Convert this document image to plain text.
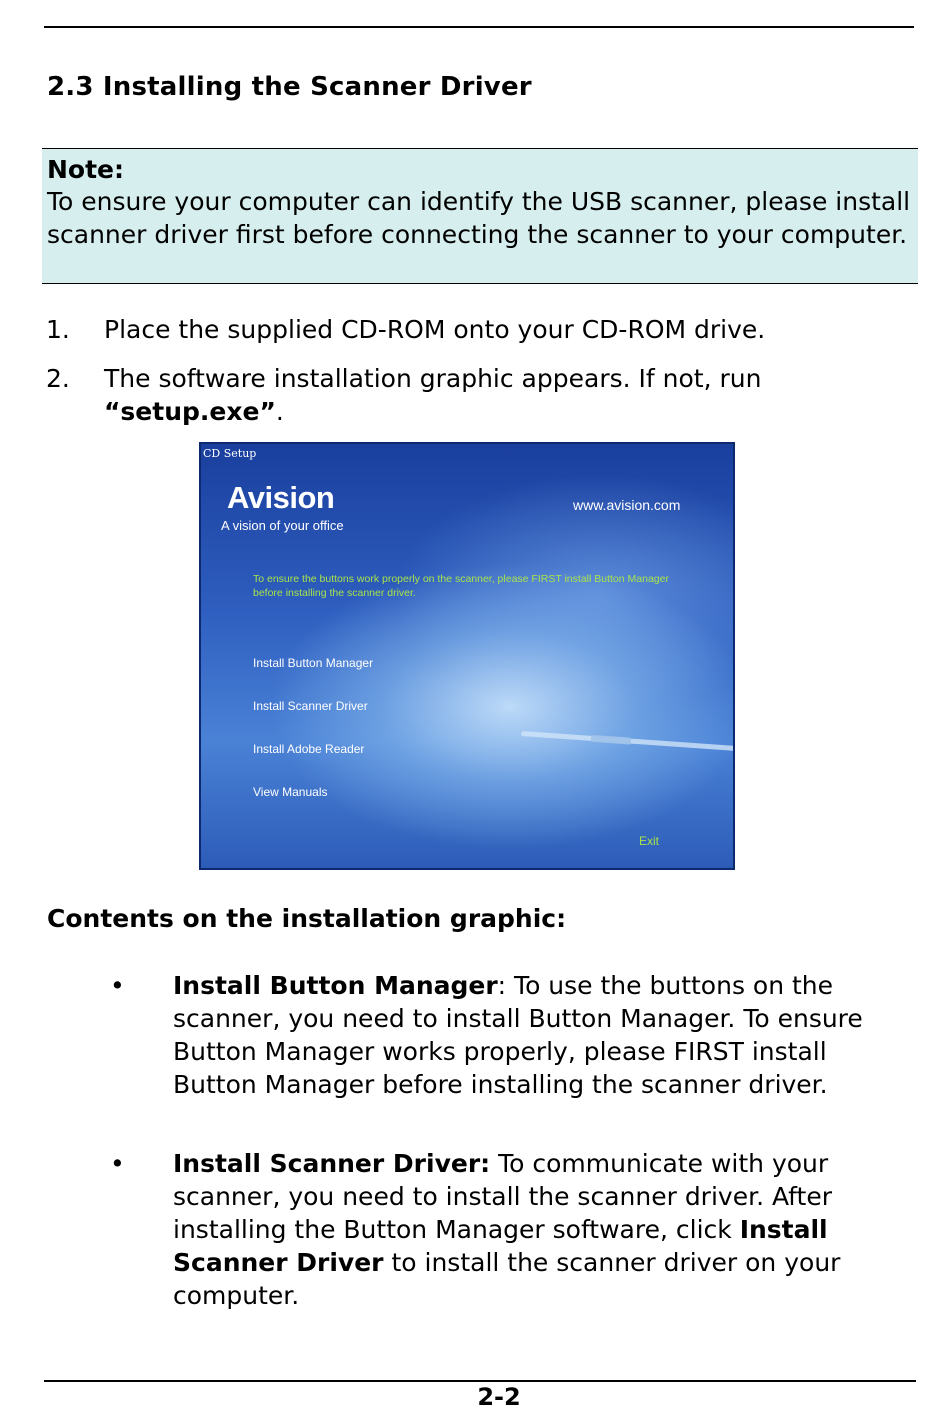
2.3 Installing the Scanner Driver
Note:
To ensure your computer can identify the USB scanner, please install scanner driver first before connecting the scanner to your computer.
1. Place the supplied CD-ROM onto your CD-ROM drive.
2. The software installation graphic appears. If not, run “setup.exe”.
CD Setup
Avision
A vision of your office
www.avision.com
To ensure the buttons work properly on the scanner, please FIRST install Button Manager before installing the scanner driver.
Install Button Manager
Install Scanner Driver
Install Adobe Reader
View Manuals
Exit
Contents on the installation graphic:
• Install Button Manager: To use the buttons on the scanner, you need to install Button Manager. To ensure Button Manager works properly, please FIRST install Button Manager before installing the scanner driver.
• Install Scanner Driver: To communicate with your scanner, you need to install the scanner driver. After installing the Button Manager software, click Install Scanner Driver to install the scanner driver on your computer.
2-2
